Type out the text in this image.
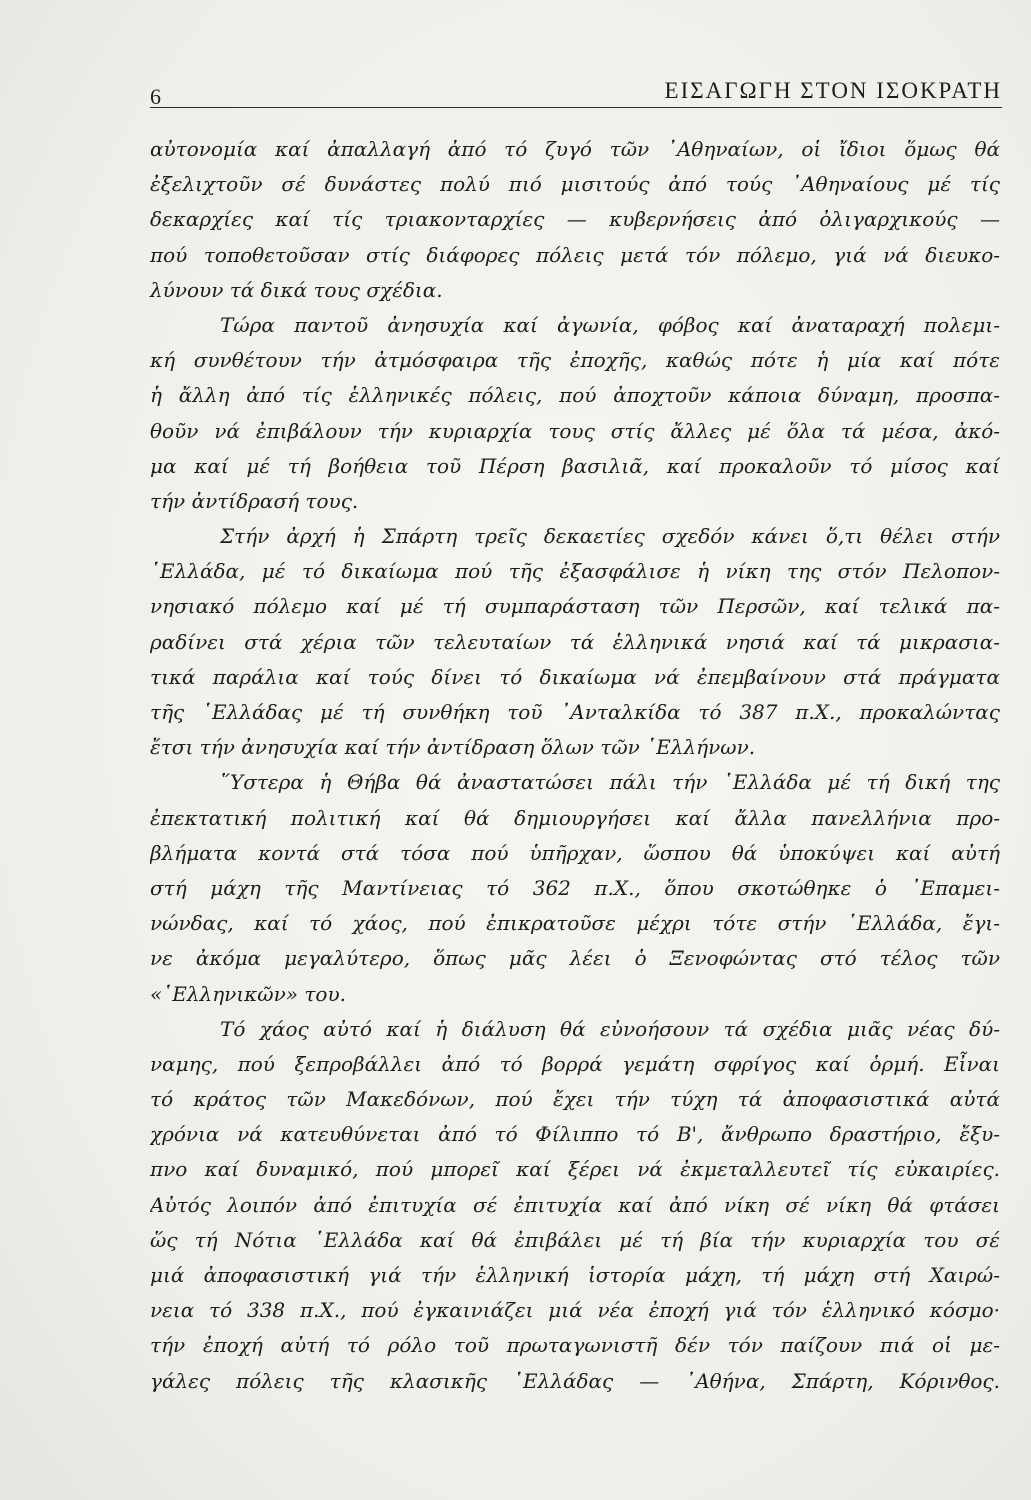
6	ΕΙΣΑΓΩΓΗ ΣΤΟΝ ΙΣΟΚΡΑΤΗ
αὐτονομία καί ἀπαλλαγή ἀπό τό ζυγό τῶν ᾿Αθηναίων, οἱ ἴδιοι ὅμως θά
ἐξελιχτοῦν σέ δυνάστες πολύ πιό μισιτούς ἀπό τούς ᾿Αθηναίους μέ τίς
δεκαρχίες καί τίς τριακονταρχίες — κυβερνήσεις ἀπό ὀλιγαρχικούς —
πού τοποθετοῦσαν στίς διάφορες πόλεις μετά τόν πόλεμο, γιά νά διευκο-
λύνουν τά δικά τους σχέδια.
Τώρα παντοῦ ἀνησυχία καί ἀγωνία, φόβος καί ἀναταραχή πολεμι-
κή συνθέτουν τήν ἀτμόσφαιρα τῆς ἐποχῆς, καθώς πότε ἡ μία καί πότε
ἡ ἄλλη ἀπό τίς ἑλληνικές πόλεις, πού ἀποχτοῦν κάποια δύναμη, προσπα-
θοῦν νά ἐπιβάλουν τήν κυριαρχία τους στίς ἄλλες μέ ὅλα τά μέσα, ἀκό-
μα καί μέ τή βοήθεια τοῦ Πέρση βασιλιᾶ, καί προκαλοῦν τό μίσος καί
τήν ἀντίδρασή τους.
Στήν ἀρχή ἡ Σπάρτη τρεῖς δεκαετίες σχεδόν κάνει ὅ,τι θέλει στήν
῾Ελλάδα, μέ τό δικαίωμα πού τῆς ἐξασφάλισε ἡ νίκη της στόν Πελοπον-
νησιακό πόλεμο καί μέ τή συμπαράσταση τῶν Περσῶν, καί τελικά πα-
ραδίνει στά χέρια τῶν τελευταίων τά ἑλληνικά νησιά καί τά μικρασια-
τικά παράλια καί τούς δίνει τό δικαίωμα νά ἐπεμβαίνουν στά πράγματα
τῆς ῾Ελλάδας μέ τή συνθήκη τοῦ ᾿Ανταλκίδα τό 387 π.Χ., προκαλώντας
ἔτσι τήν ἀνησυχία καί τήν ἀντίδραση ὅλων τῶν ῾Ελλήνων.
῞Υστερα ἡ Θήβα θά ἀναστατώσει πάλι τήν ῾Ελλάδα μέ τή δική της
ἐπεκτατική πολιτική καί θά δημιουργήσει καί ἄλλα πανελλήνια προ-
βλήματα κοντά στά τόσα πού ὑπῆρχαν, ὥσπου θά ὑποκύψει καί αὐτή
στή μάχη τῆς Μαντίνειας τό 362 π.Χ., ὅπου σκοτώθηκε ὁ ᾿Επαμει-
νώνδας, καί τό χάος, πού ἐπικρατοῦσε μέχρι τότε στήν ῾Ελλάδα, ἔγι-
νε ἀκόμα μεγαλύτερο, ὅπως μᾶς λέει ὁ Ξενοφώντας στό τέλος τῶν
«῾Ελληνικῶν» του.
Τό χάος αὐτό καί ἡ διάλυση θά εὐνοήσουν τά σχέδια μιᾶς νέας δύ-
ναμης, πού ξεπροβάλλει ἀπό τό βορρά γεμάτη σφρίγος καί ὁρμή. Εἶναι
τό κράτος τῶν Μακεδόνων, πού ἔχει τήν τύχη τά ἀποφασιστικά αὐτά
χρόνια νά κατευθύνεται ἀπό τό Φίλιππο τό Β', ἄνθρωπο δραστήριο, ἔξυ-
πνο καί δυναμικό, πού μπορεῖ καί ξέρει νά ἐκμεταλλευτεῖ τίς εὐκαιρίες.
Αὐτός λοιπόν ἀπό ἐπιτυχία σέ ἐπιτυχία καί ἀπό νίκη σέ νίκη θά φτάσει
ὥς τή Νότια ῾Ελλάδα καί θά ἐπιβάλει μέ τή βία τήν κυριαρχία του σέ
μιά ἀποφασιστική γιά τήν ἑλληνική ἱστορία μάχη, τή μάχη στή Χαιρώ-
νεια τό 338 π.Χ., πού ἐγκαινιάζει μιά νέα ἐποχή γιά τόν ἑλληνικό κόσμο·
τήν ἐποχή αὐτή τό ρόλο τοῦ πρωταγωνιστῆ δέν τόν παίζουν πιά οἱ με-
γάλες πόλεις τῆς κλασικῆς ῾Ελλάδας — ᾿Αθήνα, Σπάρτη, Κόρινθος.
